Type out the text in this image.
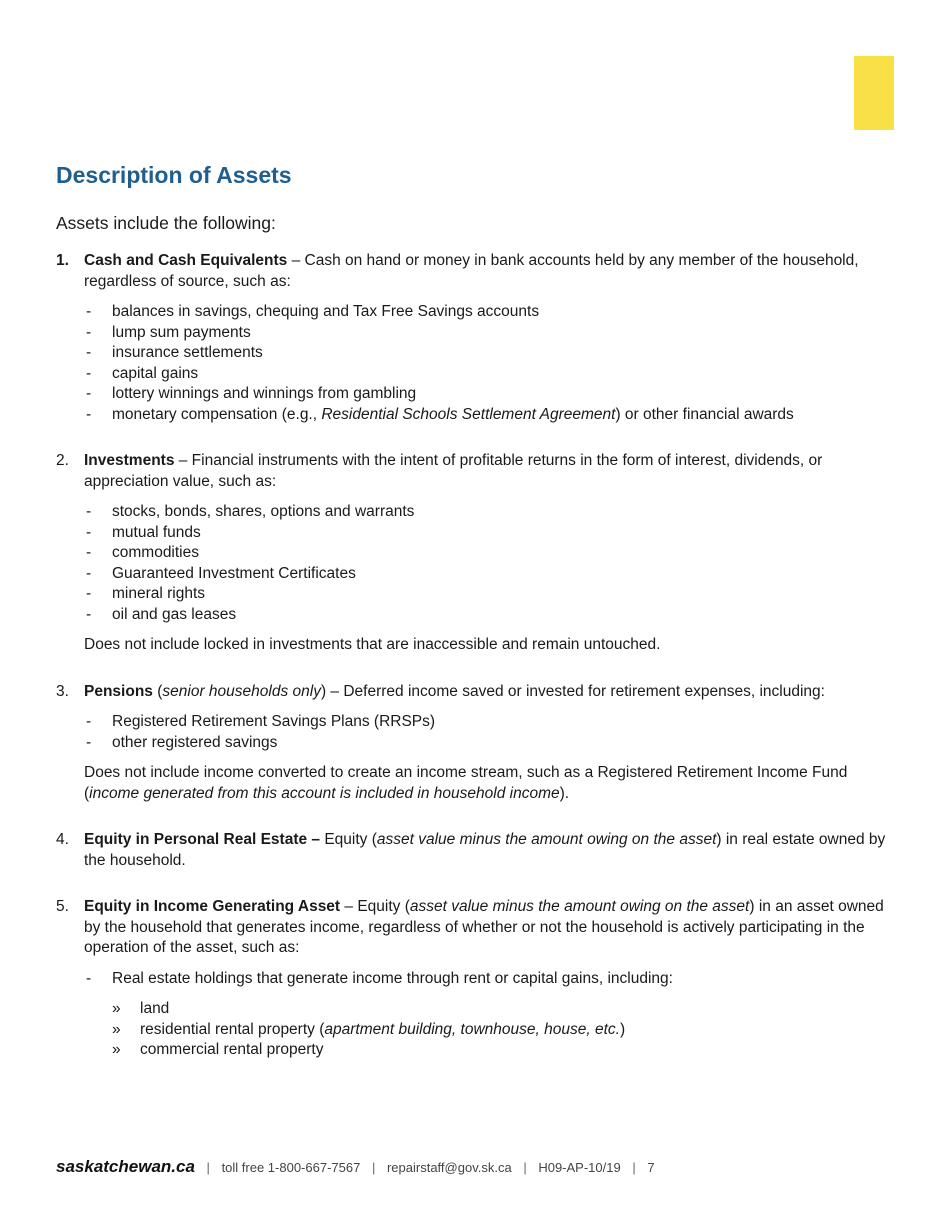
Description of Assets

Assets include the following:

1. Cash and Cash Equivalents – Cash on hand or money in bank accounts held by any member of the household, regardless of source, such as:

- balances in savings, chequing and Tax Free Savings accounts
- lump sum payments
- insurance settlements
- capital gains
- lottery winnings and winnings from gambling
- monetary compensation (e.g., Residential Schools Settlement Agreement) or other financial awards
2. Investments – Financial instruments with the intent of profitable returns in the form of interest, dividends, or appreciation value, such as:

- stocks, bonds, shares, options and warrants
- mutual funds
- commodities
- Guaranteed Investment Certificates
- mineral rights
- oil and gas leases

Does not include locked in investments that are inaccessible and remain untouched.

3. Pensions (senior households only) – Deferred income saved or invested for retirement expenses, including:

- Registered Retirement Savings Plans (RRSPs)
- other registered savings

Does not include income converted to create an income stream, such as a Registered Retirement Income Fund (income generated from this account is included in household income).

4. Equity in Personal Real Estate – Equity (asset value minus the amount owing on the asset) in real estate owned by the household.

5. Equity in Income Generating Asset – Equity (asset value minus the amount owing on the asset) in an asset owned by the household that generates income, regardless of whether or not the household is actively participating in the operation of the asset, such as:

- Real estate holdings that generate income through rent or capital gains, including:
» land
» residential rental property (apartment building, townhouse, house, etc.)
» commercial rental property
saskatchewan.ca | toll free 1-800-667-7567 | repairstaff@gov.sk.ca | H09-AP-10/19 | 7
